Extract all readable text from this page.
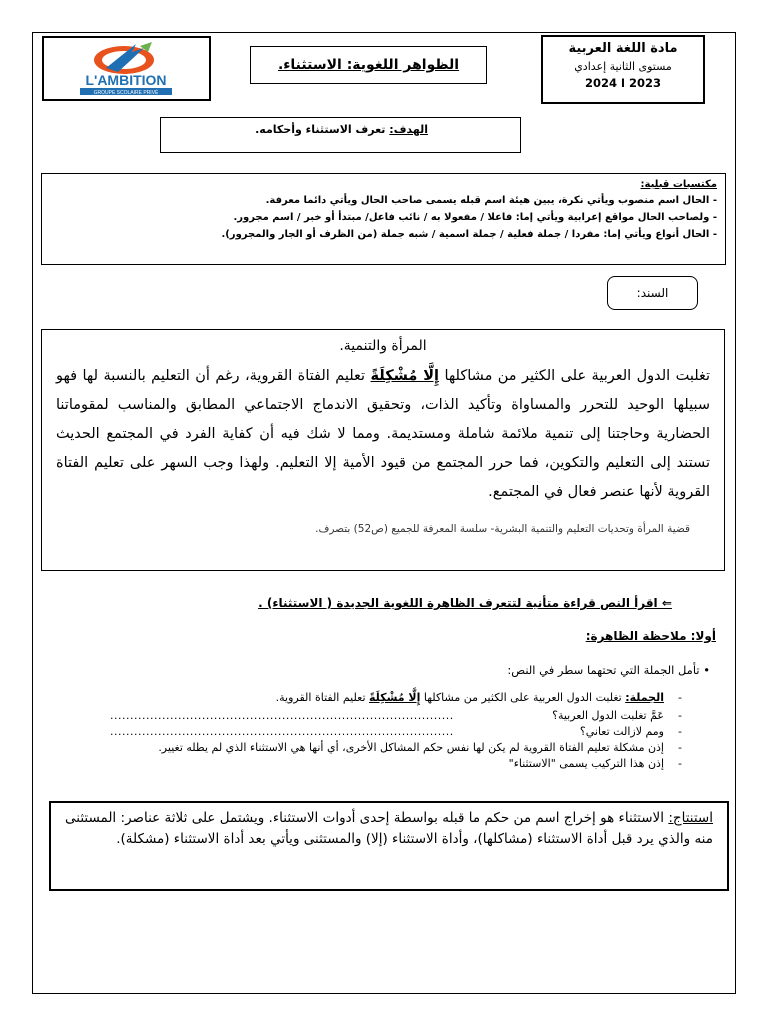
L'AMBITION
GROUPE SCOLAIRE PRIVÉ
الظواهر اللغوية: الاستثناء.
مادة اللغة العربية
مستوى الثانية إعدادي
2023 ا 2024
الهدف: تعرف الاستثناء وأحكامه.
مكتسبات قبلية:
- الحال اسم منصوب ويأتي نكرة، يبين هيئة اسم قبله يسمى صاحب الحال ويأتي دائما معرفة.
- ولصاحب الحال مواقع إعرابية ويأتي إما: فاعلا / مفعولا به / نائب فاعل/ مبتدأ أو خبر / اسم مجرور.
- الحال أنواع ويأتي إما: مفردا / جملة فعلية / جملة اسمية / شبه جملة (من الظرف أو الجار والمجرور).
السند:
المرأة والتنمية.
تغلبت الدول العربية على الكثير من مشاكلها إِلَّا مُشْكِلَةً تعليم الفتاة القروية، رغم أن التعليم بالنسبة لها فهو سبيلها الوحيد للتحرر والمساواة وتأكيد الذات، وتحقيق الاندماج الاجتماعي المطابق والمناسب لمقوماتنا الحضارية وحاجتنا إلى تنمية ملائمة شاملة ومستديمة. ومما لا شك فيه أن كفاية الفرد في المجتمع الحديث تستند إلى التعليم والتكوين، فما حرر المجتمع من قيود الأمية إلا التعليم. ولهذا وجب السهر على تعليم الفتاة القروية لأنها عنصر فعال في المجتمع.
قضية المرأة وتحديات التعليم والتنمية البشرية- سلسة المعرفة للجميع (ص52) بتصرف.
⇐ اقرأ النص قراءة متأنية لتتعرف الظاهرة اللغوية الجديدة ( الاستثناء) .
أولا: ملاحظة الظاهرة:
• تأمل الجملة التي تحتهما سطر في النص:
-
الجملة: تغلبت الدول العربية على الكثير من مشاكلها إِلَّا مُشْكِلَةً تعليم الفتاة القروية.
-
عَمَّ تغلبت الدول العربية؟
......................................................................................
-
ومم لازالت تعاني؟
......................................................................................
-
إذن مشكلة تعليم الفتاة القروية لم يكن لها نفس حكم المشاكل الأخرى، أي أنها هي الاستثناء الذي لم يطله تغيير.
-
إذن هذا التركيب يسمى "الاستثناء"
استنتاج: الاستثناء هو إخراج اسم من حكم ما قبله بواسطة إحدى أدوات الاستثناء. ويشتمل على ثلاثة عناصر: المستثنى منه والذي يرد قبل أداة الاستثناء (مشاكلها)، وأداة الاستثناء (إلا) والمستثنى ويأتي بعد أداة الاستثناء (مشكلة).
